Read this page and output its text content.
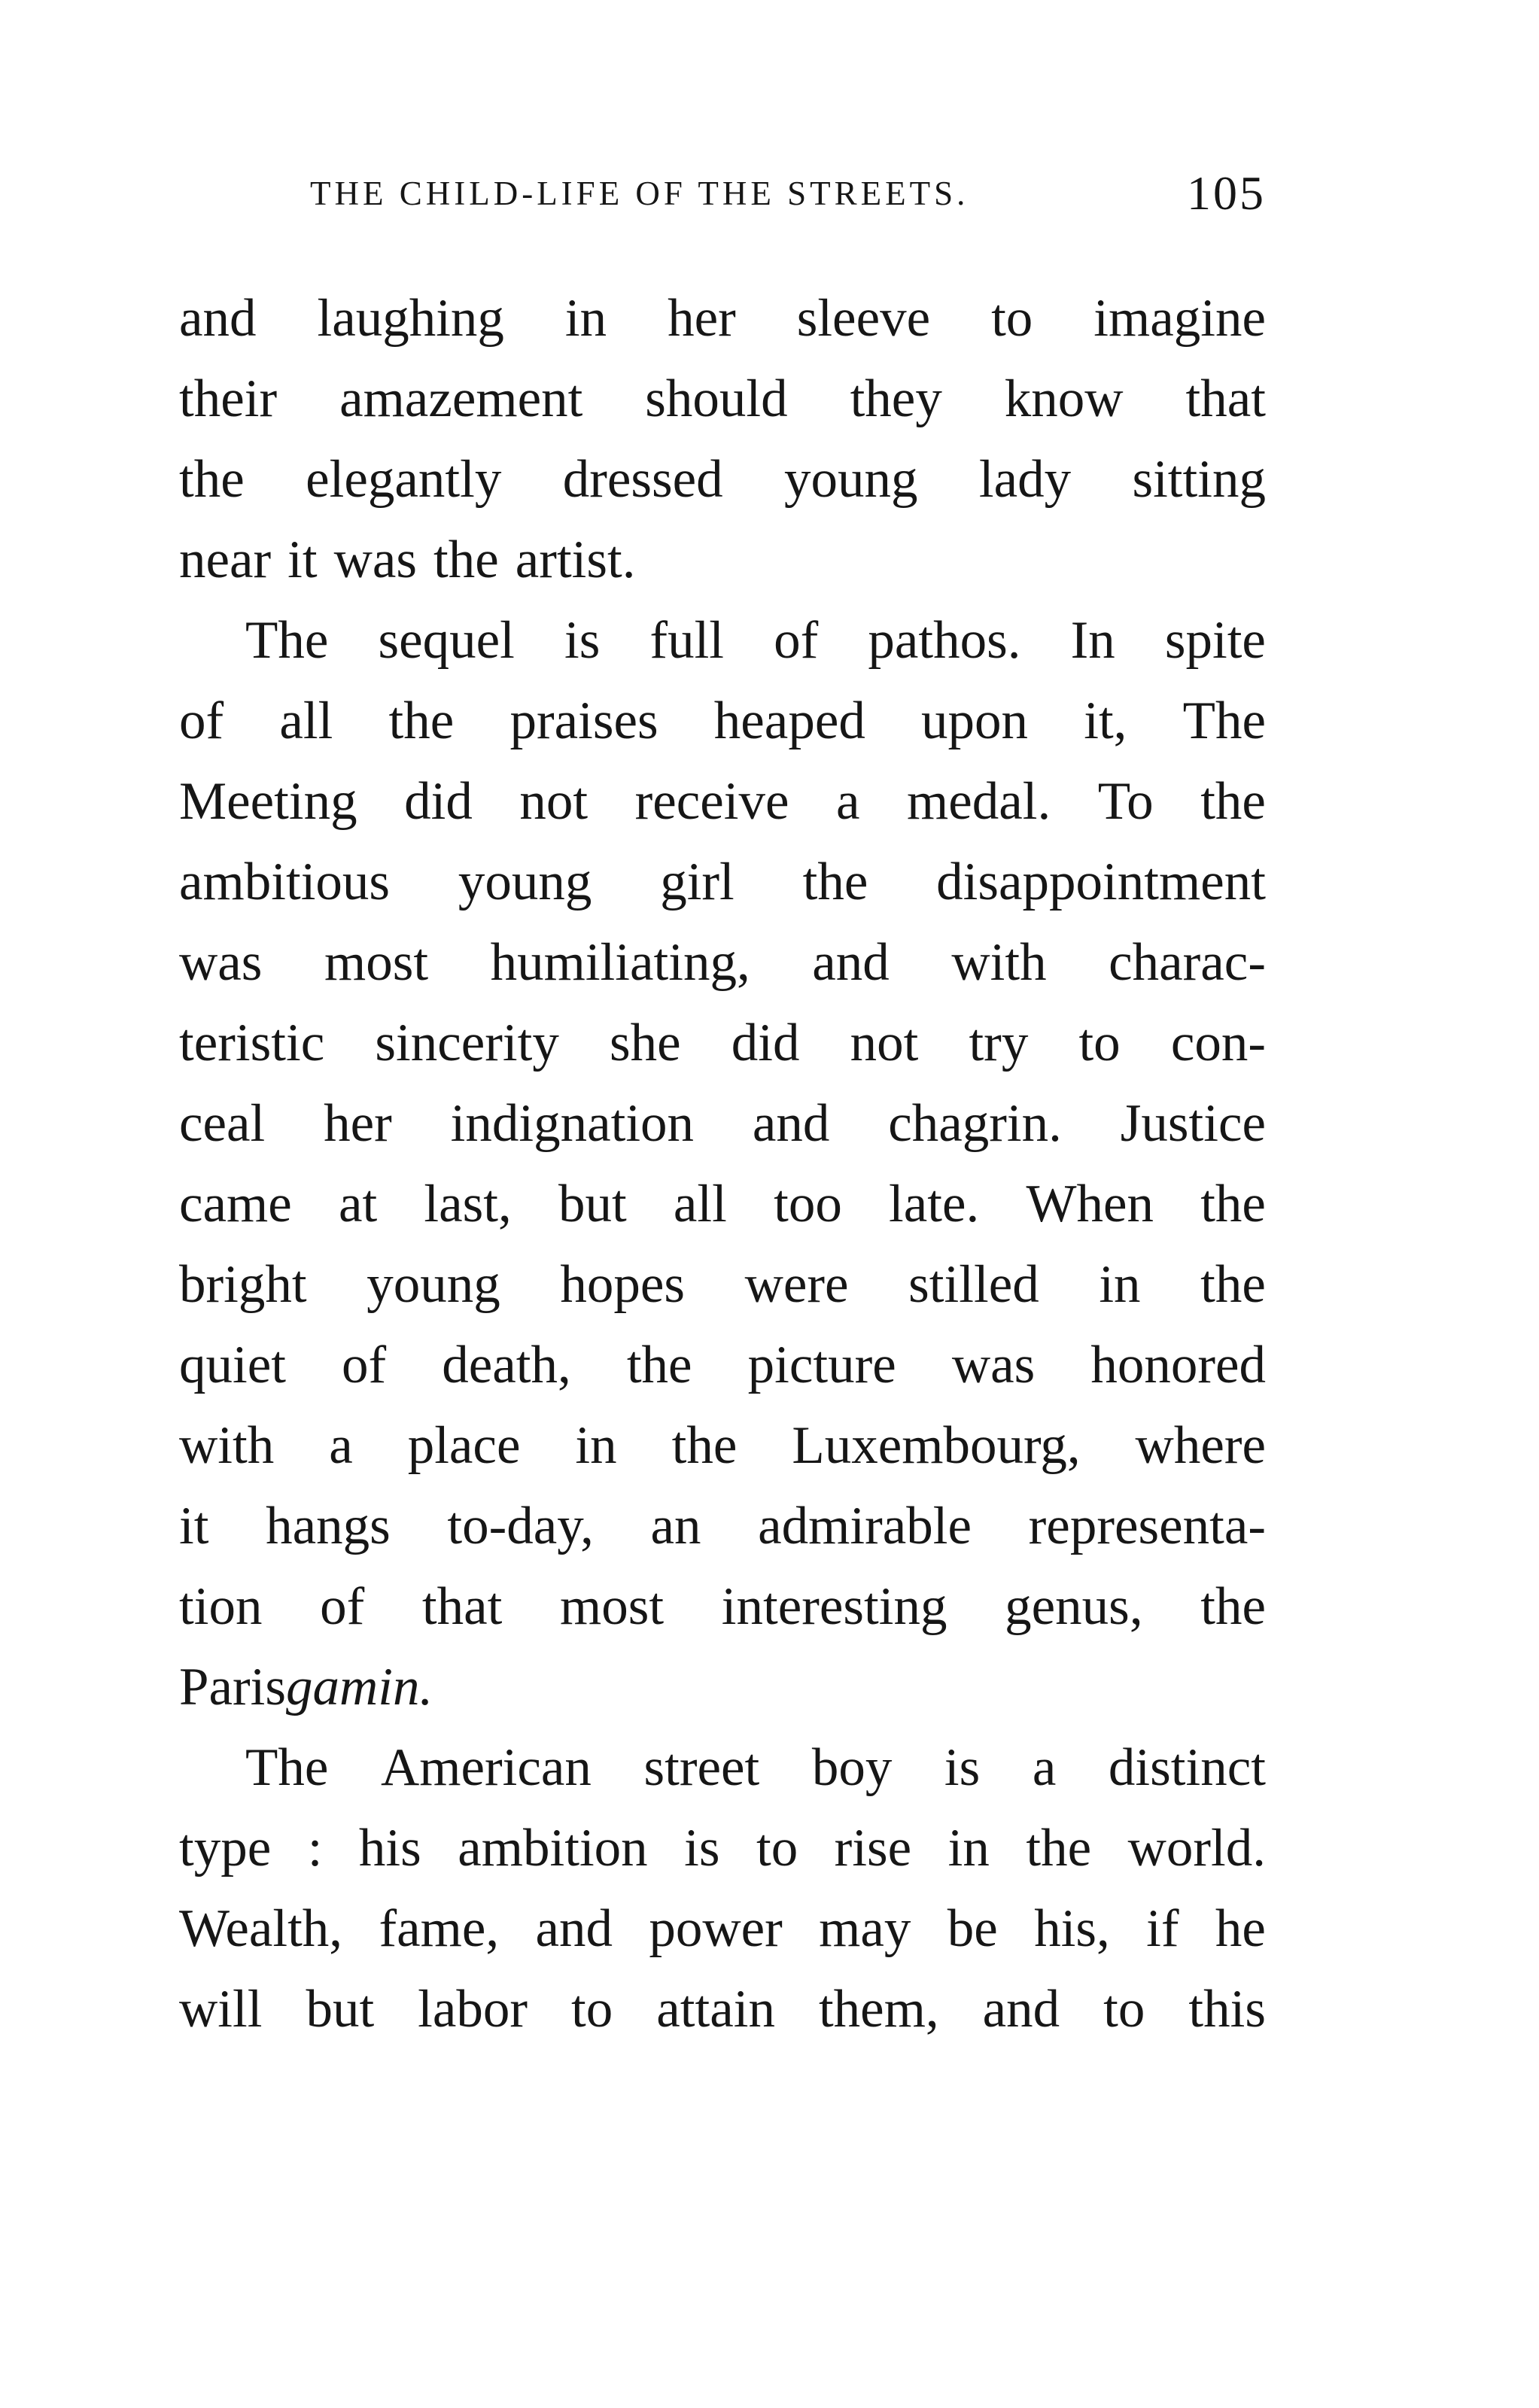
THE CHILD-LIFE OF THE STREETS.	105
and laughing in her sleeve to imagine
their amazement should they know that
the elegantly dressed young lady sitting
near it was the artist.
The sequel is full of pathos. In spite
of all the praises heaped upon it, The
Meeting did not receive a medal. To the
ambitious young girl the disappointment
was most humiliating, and with charac-
teristic sincerity she did not try to con-
ceal her indignation and chagrin. Justice
came at last, but all too late. When the
bright young hopes were stilled in the
quiet of death, the picture was honored
with a place in the Luxembourg, where
it hangs to-day, an admirable representa-
tion of that most interesting genus, the
Paris gamin.
The American street boy is a distinct
type : his ambition is to rise in the world.
Wealth, fame, and power may be his, if he
will but labor to attain them, and to this
